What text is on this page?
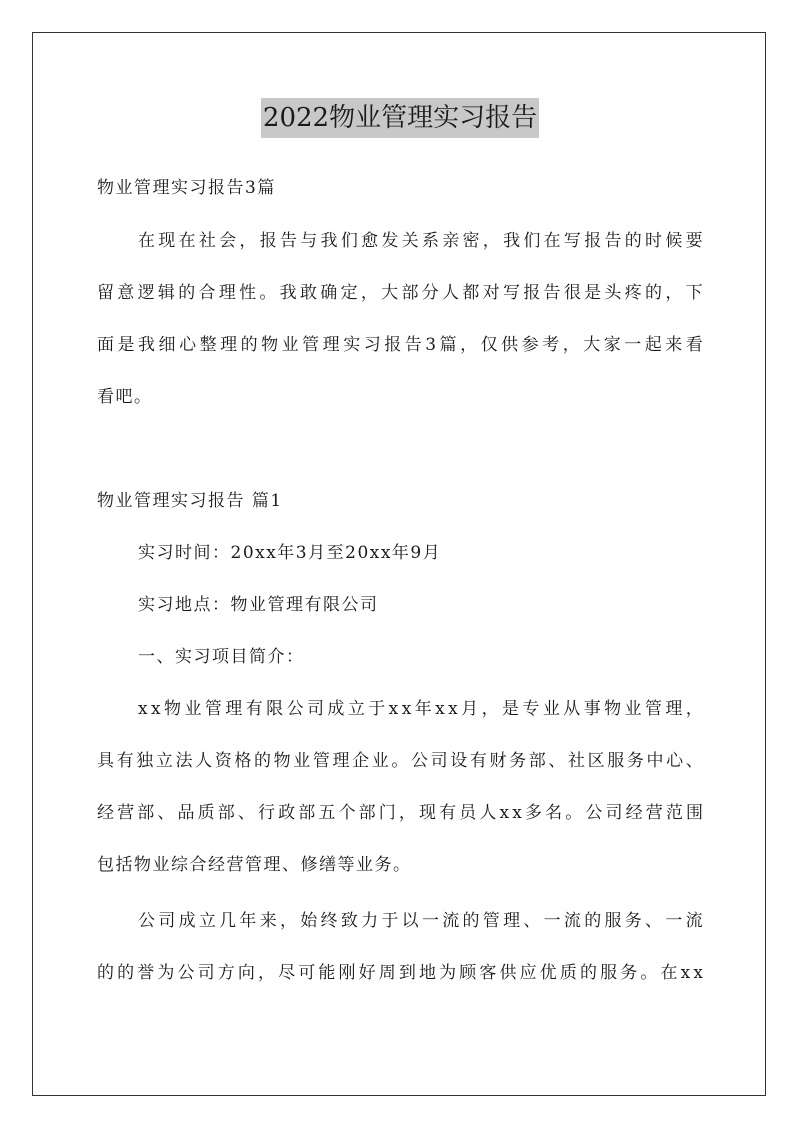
2022物业管理实习报告
物业管理实习报告3篇
在 现 在 社 会 ， 报 告 与 我 们 愈 发 关 系 亲 密 ， 我 们 在 写 报 告 的 时 候 要
留 意 逻 辑 的 合 理 性 。 我 敢 确 定 ， 大 部 分 人 都 对 写 报 告 很 是 头 疼 的 ， 下
面 是 我 细 心 整 理 的 物 业 管 理 实 习 报 告 3 篇 ， 仅 供 参 考 ， 大 家 一 起 来 看
看吧。
物业管理实习报告 篇1
实习时间：20xx年3月至20xx年9月
实习地点：物业管理有限公司
一、实习项目简介：
x x 物 业 管 理 有 限 公 司 成 立 于 x x 年 x x 月 ， 是 专 业 从 事 物 业 管 理 ，
具 有 独 立 法 人 资 格 的 物 业 管 理 企 业 。 公 司 设 有 财 务 部 、 社 区 服 务 中 心 、
经 营 部 、 品 质 部 、 行 政 部 五 个 部 门 ， 现 有 员 人 x x 多 名 。 公 司 经 营 范 围
包括物业综合经营管理、修缮等业务。
公 司 成 立 几 年 来 ， 始 终 致 力 于 以 一 流 的 管 理 、 一 流 的 服 务 、 一 流
的 的 誉 为 公 司 方 向 ， 尽 可 能 刚 好 周 到 地 为 顾 客 供 应 优 质 的 服 务 。 在 x x
